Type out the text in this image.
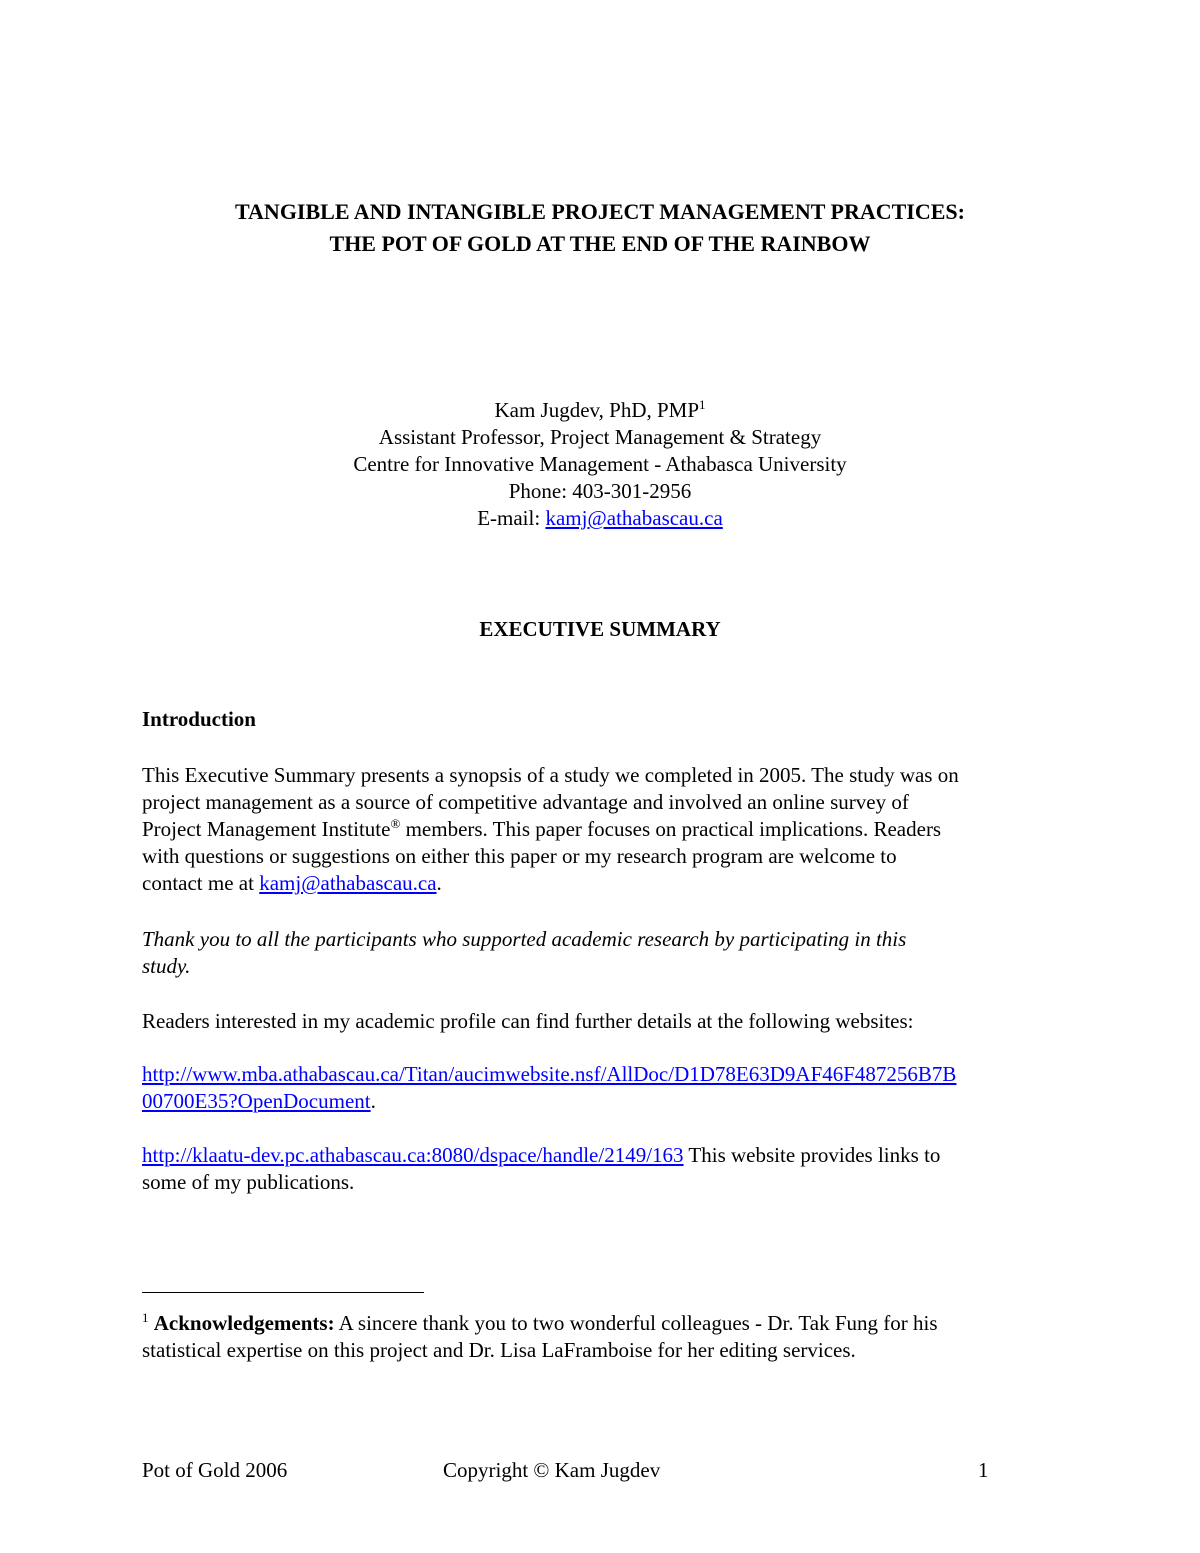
TANGIBLE AND INTANGIBLE PROJECT MANAGEMENT PRACTICES:
THE POT OF GOLD AT THE END OF THE RAINBOW
Kam Jugdev, PhD, PMP$^1$
Assistant Professor, Project Management & Strategy
Centre for Innovative Management - Athabasca University
Phone: 403-301-2956
E-mail: kamj@athabascau.ca
EXECUTIVE SUMMARY
Introduction
This Executive Summary presents a synopsis of a study we completed in 2005. The study was on
project management as a source of competitive advantage and involved an online survey of
Project Management Institute® members. This paper focuses on practical implications. Readers
with questions or suggestions on either this paper or my research program are welcome to
contact me at kamj@athabascau.ca.
Thank you to all the participants who supported academic research by participating in this
study.
Readers interested in my academic profile can find further details at the following websites:
http://www.mba.athabascau.ca/Titan/aucimwebsite.nsf/AllDoc/D1D78E63D9AF46F487256B7B
00700E35?OpenDocument.
http://klaatu-dev.pc.athabascau.ca:8080/dspace/handle/2149/163 This website provides links to
some of my publications.
$^1$ Acknowledgements: A sincere thank you to two wonderful colleagues - Dr. Tak Fung for his
statistical expertise on this project and Dr. Lisa LaFramboise for her editing services.
Pot of Gold 2006	Copyright © Kam Jugdev	1
